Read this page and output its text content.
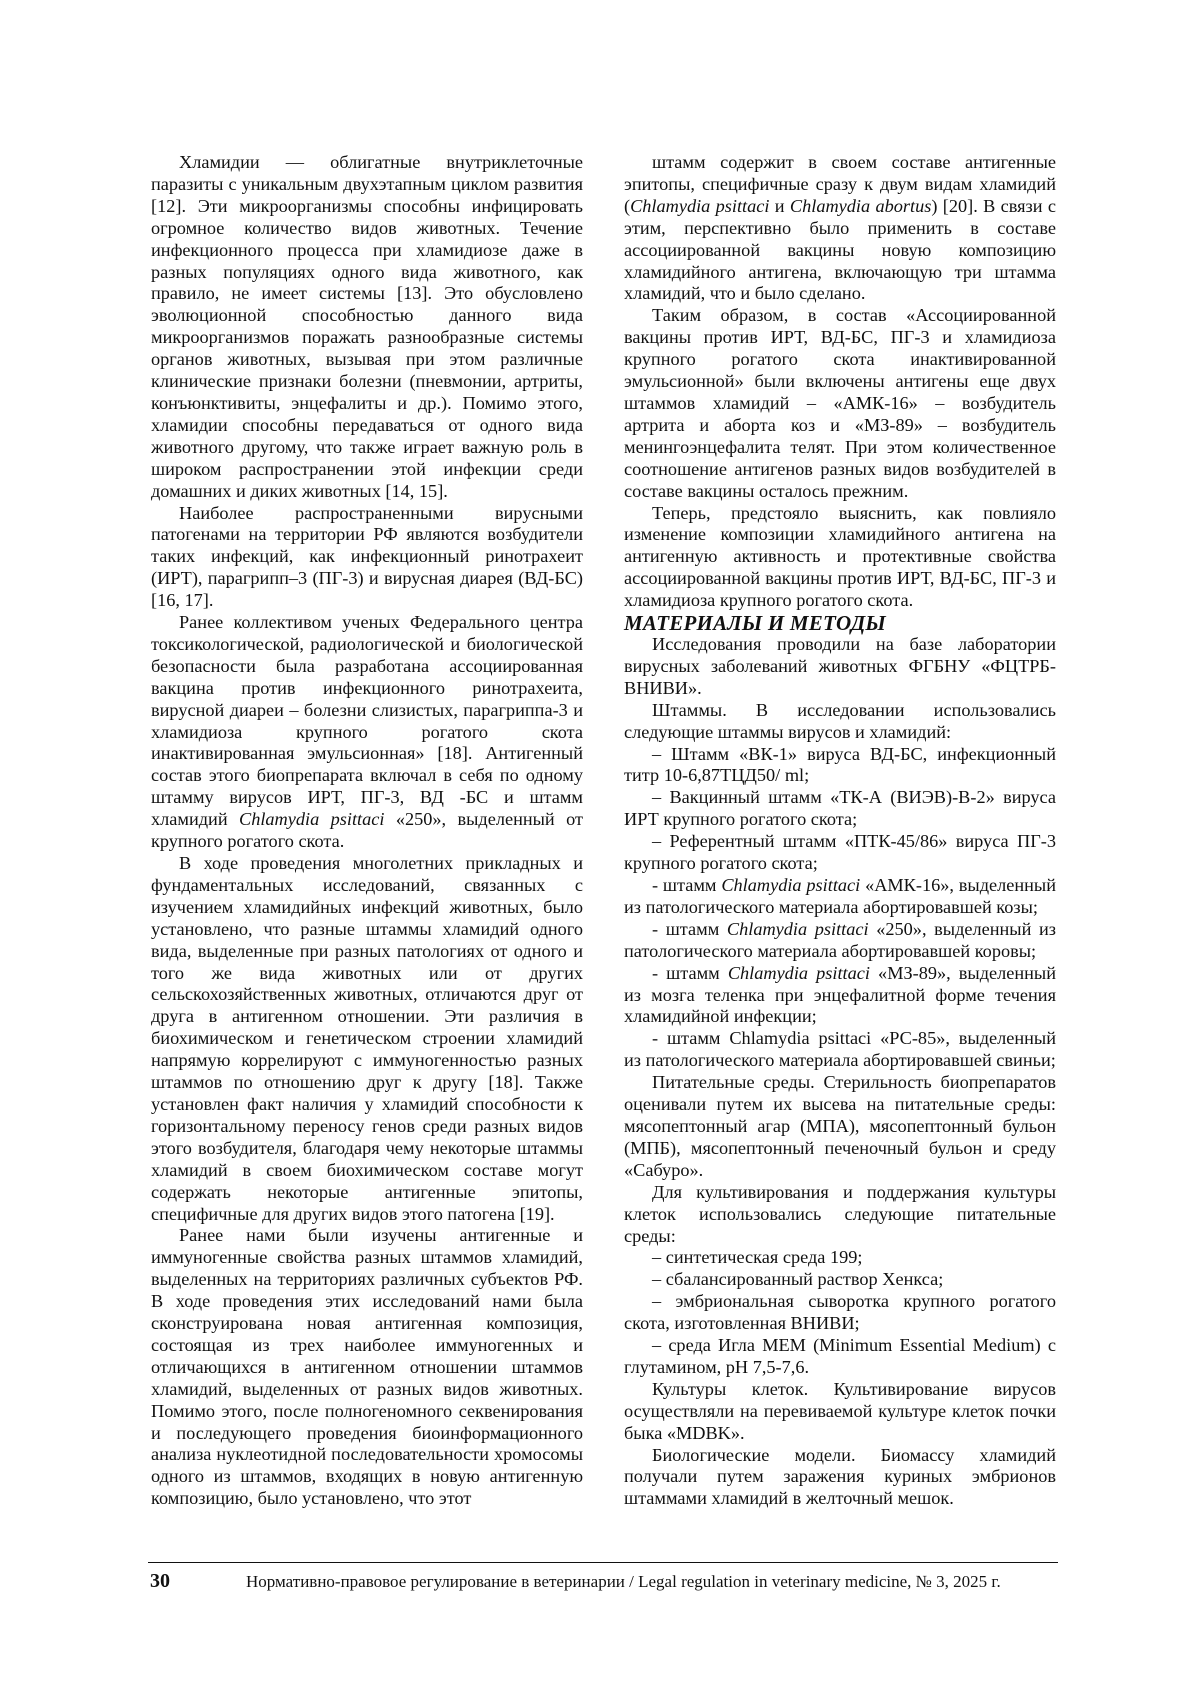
Хламидии — облигатные внутриклеточные паразиты с уникальным двухэтапным циклом развития [12]. Эти микроорганизмы способны инфицировать огромное количество видов животных. Течение инфекционного процесса при хламидиозе даже в разных популяциях одного вида животного, как правило, не имеет системы [13]. Это обусловлено эволюционной способностью данного вида микроорганизмов поражать разнообразные системы органов животных, вызывая при этом различные клинические признаки болезни (пневмонии, артриты, конъюнктивиты, энцефалиты и др.). Помимо этого, хламидии способны передаваться от одного вида животного другому, что также играет важную роль в широком распространении этой инфекции среди домашних и диких животных [14, 15].

Наиболее распространенными вирусными патогенами на территории РФ являются возбудители таких инфекций, как инфекционный ринотрахеит (ИРТ), парагрипп–3 (ПГ-3) и вирусная диарея (ВД-БС) [16, 17].

Ранее коллективом ученых Федерального центра токсикологической, радиологической и биологической безопасности была разработана ассоциированная вакцина против инфекционного ринотрахеита, вирусной диареи – болезни слизистых, парагриппа-3 и хламидиоза крупного рогатого скота инактивированная эмульсионная» [18]. Антигенный состав этого биопрепарата включал в себя по одному штамму вирусов ИРТ, ПГ-3, ВД -БС и штамм хламидий Chlamydia psittaci «250», выделенный от крупного рогатого скота.

В ходе проведения многолетних прикладных и фундаментальных исследований, связанных с изучением хламидийных инфекций животных, было установлено, что разные штаммы хламидий одного вида, выделенные при разных патологиях от одного и того же вида животных или от других сельскохозяйственных животных, отличаются друг от друга в антигенном отношении. Эти различия в биохимическом и генетическом строении хламидий напрямую коррелируют с иммуногенностью разных штаммов по отношению друг к другу [18]. Также установлен факт наличия у хламидий способности к горизонтальному переносу генов среди разных видов этого возбудителя, благодаря чему некоторые штаммы хламидий в своем биохимическом составе могут содержать некоторые антигенные эпитопы, специфичные для других видов этого патогена [19].

Ранее нами были изучены антигенные и иммуногенные свойства разных штаммов хламидий, выделенных на территориях различных субъектов РФ. В ходе проведения этих исследований нами была сконструирована новая антигенная композиция, состоящая из трех наиболее иммуногенных и отличающихся в антигенном отношении штаммов хламидий, выделенных от разных видов животных. Помимо этого, после полногеномного секвенирования и последующего проведения биоинформационного анализа нуклеотидной последовательности хромосомы одного из штаммов, входящих в новую антигенную композицию, было установлено, что этот

штамм содержит в своем составе антигенные эпитопы, специфичные сразу к двум видам хламидий (Chlamydia psittaci и Chlamydia abortus) [20]. В связи с этим, перспективно было применить в составе ассоциированной вакцины новую композицию хламидийного антигена, включающую три штамма хламидий, что и было сделано.

Таким образом, в состав «Ассоциированной вакцины против ИРТ, ВД-БС, ПГ-3 и хламидиоза крупного рогатого скота инактивированной эмульсионной» были включены антигены еще двух штаммов хламидий – «АМК-16» – возбудитель артрита и аборта коз и «МЗ-89» – возбудитель менингоэнцефалита телят. При этом количественное соотношение антигенов разных видов возбудителей в составе вакцины осталось прежним.

Теперь, предстояло выяснить, как повлияло изменение композиции хламидийного антигена на антигенную активность и протективные свойства ассоциированной вакцины против ИРТ, ВД-БС, ПГ-3 и хламидиоза крупного рогатого скота.

МАТЕРИАЛЫ И МЕТОДЫ

Исследования проводили на базе лаборатории вирусных заболеваний животных ФГБНУ «ФЦТРБ-ВНИВИ».

Штаммы. В исследовании использовались следующие штаммы вирусов и хламидий:

– Штамм «ВК-1» вируса ВД-БС, инфекционный титр 10-6,87ТЦД50/ ml;

– Вакцинный штамм «ТК-А (ВИЭВ)-В-2» вируса ИРТ крупного рогатого скота;

– Референтный штамм «ПТК-45/86» вируса ПГ-3 крупного рогатого скота;

- штамм Chlamydia psittaci «АМК-16», выделенный из патологического материала абортировавшей козы;

- штамм Chlamydia psittaci «250», выделенный из патологического материала абортировавшей коровы;

- штамм Chlamydia psittaci «МЗ-89», выделенный из мозга теленка при энцефалитной форме течения хламидийной инфекции;

- штамм Chlamydia psittaci «РС-85», выделенный из патологического материала абортировавшей свиньи;

Питательные среды. Стерильность биопрепаратов оценивали путем их высева на питательные среды: мясопептонный агар (МПА), мясопептонный бульон (МПБ), мясопептонный печеночный бульон и среду «Сабуро».

Для культивирования и поддержания культуры клеток использовались следующие питательные среды:

– синтетическая среда 199;

– сбалансированный раствор Хенкса;

– эмбриональная сыворотка крупного рогатого скота, изготовленная ВНИВИ;

– среда Игла МЕМ (Minimum Essential Medium) с глутамином, рН 7,5-7,6.

Культуры клеток. Культивирование вирусов осуществляли на перевиваемой культуре клеток почки быка «MDBK».

Биологические модели. Биомассу хламидий получали путем заражения куриных эмбрионов штаммами хламидий в желточный мешок.

30	Нормативно-правовое регулирование в ветеринарии / Legal regulation in veterinary medicine, № 3, 2025 г.
